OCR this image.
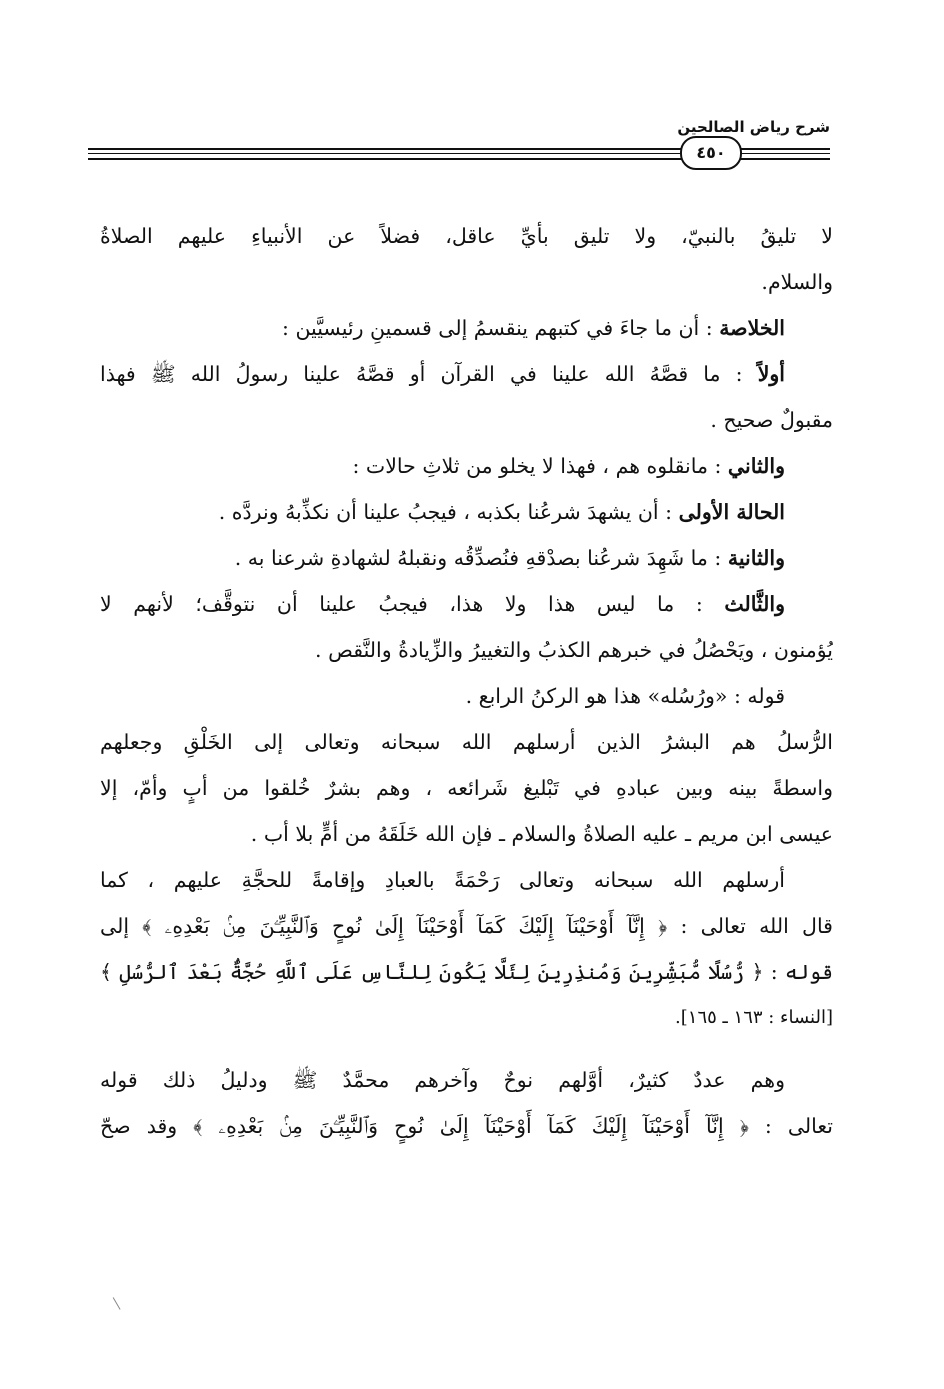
شرح رياض الصالحين
٤٥٠
لا تليقُ بالنبيّ، ولا تليق بأيِّ عاقل، فضلاً عن الأنبياءِ عليهم الصلاةُ
والسلام.
الخلاصة : أن ما جاءَ في كتبهم ينقسمُ إلى قسمينِ رئيسيَّين :
أولاً : ما قصَّهُ الله علينا في القرآن أو قصَّهُ علينا رسولُ الله ﷺ فهذا
مقبولٌ صحيح .
والثاني : مانقلوه هم ، فهذا لا يخلو من ثلاثِ حالات :
الحالة الأولى : أن يشهدَ شرعُنا بكذبه ، فيجبُ علينا أن نكذِّبهُ ونردَّه .
والثانية : ما شَهِدَ شرعُنا بصدْقهِ فنُصدِّقُه ونقبلهُ لشهادةِ شرعنا به .
والثَّالث : ما ليس هذا ولا هذا، فيجبُ علينا أن نتوقَّف؛ لأنهم لا
يُؤمنون ، ويَحْصُلُ في خبرهم الكذبُ والتغييرُ والزِّيادةُ والنَّقص .
قوله : «ورُسُله» هذا هو الركنُ الرابع .
الرُّسلُ هم البشرُ الذين أرسلهم الله سبحانه وتعالى إلى الخَلْقِ وجعلهم
واسطةً بينه وبين عبادهِ في تَبْليغ شَرائعه ، وهم بشرٌ خُلقوا من أبٍ وأمّ، إلا
عيسى ابن مريم ـ عليه الصلاةُ والسلام ـ فإن الله خَلَقَهُ من أمٍّ بلا أب .
أرسلهم الله سبحانه وتعالى رَحْمَةً بالعبادِ وإقامةً للحجَّةِ عليهم ، كما
قال الله تعالى : ﴿ إِنَّآ أَوْحَيْنَآ إِلَيْكَ كَمَآ أَوْحَيْنَآ إِلَىٰ نُوحٍ وَٱلنَّبِيِّـۧنَ مِنۢ بَعْدِهِۦ ﴾ إلى
قوله : ﴿ رُّسُلًا مُّبَشِّرِينَ وَمُنذِرِينَ لِئَلَّا يَكُونَ لِلنَّاسِ عَلَى ٱللَّهِ حُجَّةٌۢ بَعْدَ ٱلرُّسُلِ ﴾
[النساء : ١٦٣ ـ ١٦٥].
وهم عددٌ كثيرٌ، أوَّلهم نوحٌ وآخرهم محمَّدٌ ﷺ ودليلُ ذلك قوله
تعالى : ﴿ إِنَّآ أَوْحَيْنَآ إِلَيْكَ كَمَآ أَوْحَيْنَآ إِلَىٰ نُوحٍ وَٱلنَّبِيِّـۧنَ مِنۢ بَعْدِهِۦ ﴾ وقد صحّ
